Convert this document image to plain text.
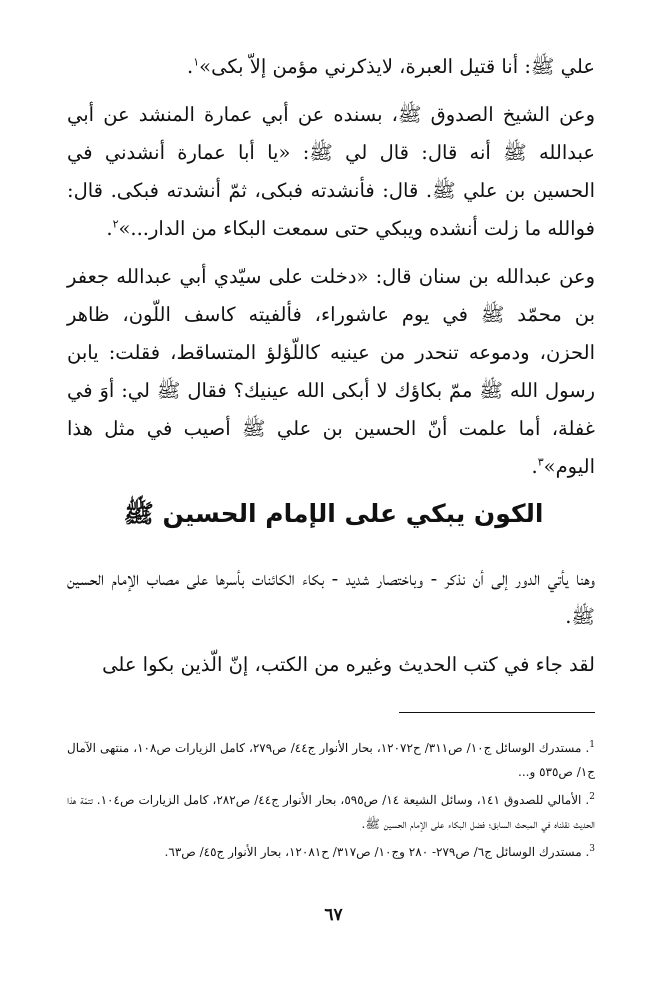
علي ﷺ: أنا قتيل العبرة، لايذكرني مؤمن إلاّ بكى»$^١$.

وعن الشيخ الصدوق ﷺ، بسنده عن أبي عمارة المنشد عن أبي عبدالله ﷺ أنه قال: قال لي ﷺ: «يا أبا عمارة أنشدني في الحسين بن علي ﷺ. قال: فأنشدته فبكى، ثمّ أنشدته فبكى. قال: فوالله ما زلت أنشده ويبكي حتى سمعت البكاء من الدار...»$^٢$.

وعن عبدالله بن سنان قال: «دخلت على سيّدي أبي عبدالله جعفر بن محمّد ﷺ في يوم عاشوراء، فألفيته كاسف اللّون، ظاهر الحزن، ودموعه تنحدر من عينيه كاللّؤلؤ المتساقط، فقلت: يابن رسول الله ﷺ ممّ بكاؤك لا أبكى الله عينيك؟ فقال ﷺ لي: أوَ في غفلة، أما علمت أنّ الحسين بن علي ﷺ أصيب في مثل هذا اليوم»$^٣$.

الكون يبكي على الإمام الحسين ﷺ

وهنا يأتي الدور إلى أن نذكر - وباختصار شديد - بكاء الكائنات بأسرها على مصاب الإمام الحسين ﷺ.

لقد جاء في كتب الحديث وغيره من الكتب، إنّ الّذين بكوا على

$^1$. مستدرك الوسائل ج١٠/ ص٣١١/ ح١٢٠٧٢، بحار الأنوار ج٤٤/ ص٢٧٩، كامل الزيارات ص١٠٨، منتهى الآمال ج١/ ص٥٣٥ و...

$^2$. الأمالي للصدوق ١٤١، وسائل الشيعة ١٤/ ص٥٩٥، بحار الأنوار ج٤٤/ ص٢٨٢، كامل الزيارات ص١٠٤. تتمّة هذا الحديث نقلناه في المبحث السابق؛ فضل البكاء على الإمام الحسين ﷺ.

$^3$. مستدرك الوسائل ج٦/ ص٢٧٩- ٢٨٠ وج١٠/ ص٣١٧/ ح١٢٠٨١، بحار الأنوار ج٤٥/ ص٦٣.

٦٧
